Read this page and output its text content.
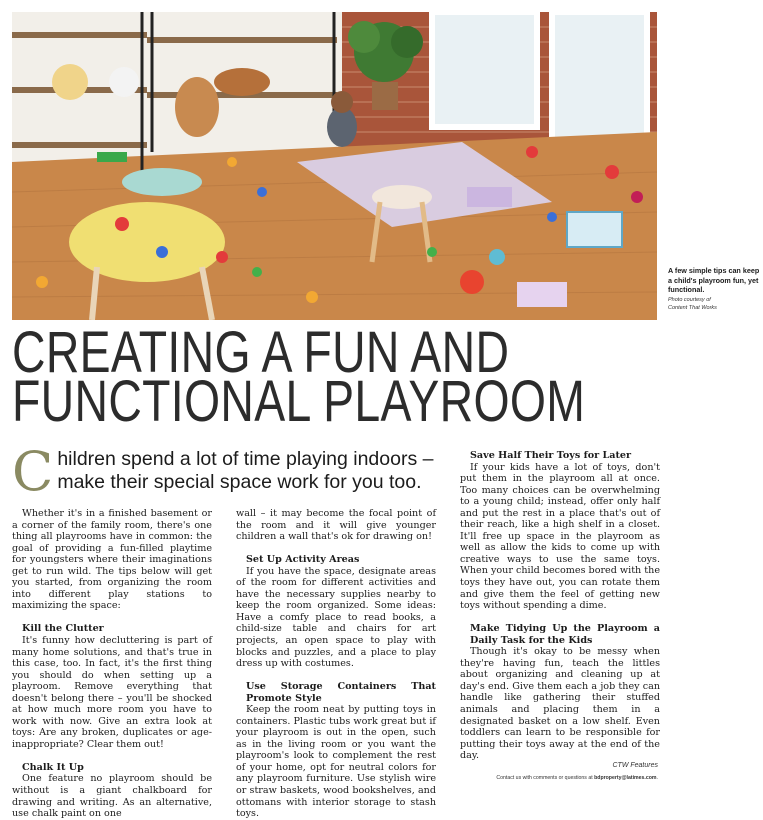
A few simple tips can keep a child's playroom fun, yet functional.
Photo courtesy of
Content That Works
CREATING A FUN AND
FUNCTIONAL PLAYROOM
Children spend a lot of time playing indoors – make their special space work for you too.

Whether it's in a finished basement or a corner of the family room, there's one thing all playrooms have in common: the goal of providing a fun-filled playtime for youngsters where their imaginations get to run wild. The tips below will get you started, from organizing the room into different play stations to maximizing the space:

Kill the Clutter

It's funny how decluttering is part of many home solutions, and that's true in this case, too. In fact, it's the first thing you should do when setting up a playroom. Remove everything that doesn't belong there – you'll be shocked at how much more room you have to work with now. Give an extra look at toys: Are any broken, duplicates or age-inappropriate? Clear them out!

Chalk It Up

One feature no playroom should be without is a giant chalkboard for drawing and writing. As an alternative, use chalk paint on one

wall – it may become the focal point of the room and it will give younger children a wall that's ok for drawing on!

Set Up Activity Areas

If you have the space, designate areas of the room for different activities and have the necessary supplies nearby to keep the room organized. Some ideas: Have a comfy place to read books, a child-size table and chairs for art projects, an open space to play with blocks and puzzles, and a place to play dress up with costumes.

Use Storage Containers That Promote Style

Keep the room neat by putting toys in containers. Plastic tubs work great but if your playroom is out in the open, such as in the living room or you want the playroom's look to complement the rest of your home, opt for neutral colors for any playroom furniture. Use stylish wire or straw baskets, wood bookshelves, and ottomans with interior storage to stash toys.

Save Half Their Toys for Later

If your kids have a lot of toys, don't put them in the playroom all at once. Too many choices can be overwhelming to a young child; instead, offer only half and put the rest in a place that's out of their reach, like a high shelf in a closet. It'll free up space in the playroom as well as allow the kids to come up with creative ways to use the same toys. When your child becomes bored with the toys they have out, you can rotate them and give them the feel of getting new toys without spending a dime.

Make Tidying Up the Playroom a Daily Task for the Kids

Though it's okay to be messy when they're having fun, teach the littles about organizing and cleaning up at day's end. Give them each a job they can handle like gathering their stuffed animals and placing them in a designated basket on a low shelf. Even toddlers can learn to be responsible for putting their toys away at the end of the day.

CTW Features
Contact us with comments or questions at bdproperty@latimes.com.
